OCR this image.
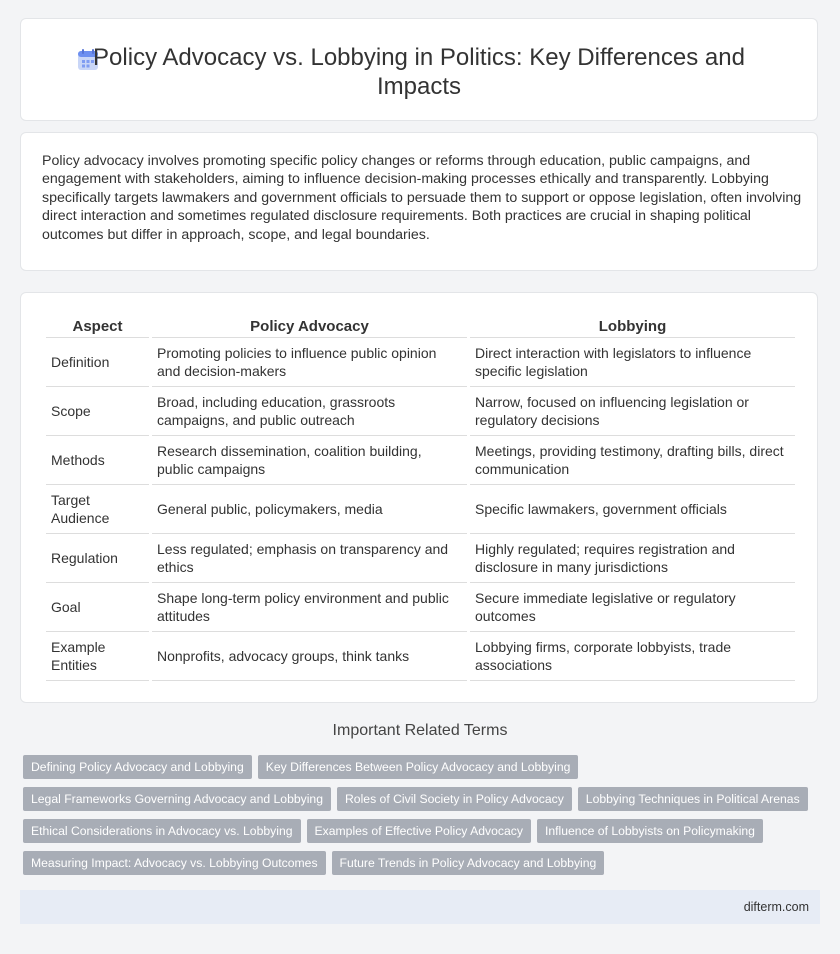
Policy Advocacy vs. Lobbying in Politics: Key Differences and Impacts

Policy advocacy involves promoting specific policy changes or reforms through education, public campaigns, and engagement with stakeholders, aiming to influence decision-making processes ethically and transparently. Lobbying specifically targets lawmakers and government officials to persuade them to support or oppose legislation, often involving direct interaction and sometimes regulated disclosure requirements. Both practices are crucial in shaping political outcomes but differ in approach, scope, and legal boundaries.

Aspect	Policy Advocacy	Lobbying
Definition	Promoting policies to influence public opinion and decision-makers	Direct interaction with legislators to influence specific legislation
Scope	Broad, including education, grassroots campaigns, and public outreach	Narrow, focused on influencing legislation or regulatory decisions
Methods	Research dissemination, coalition building, public campaigns	Meetings, providing testimony, drafting bills, direct communication
Target Audience	General public, policymakers, media	Specific lawmakers, government officials
Regulation	Less regulated; emphasis on transparency and ethics	Highly regulated; requires registration and disclosure in many jurisdictions
Goal	Shape long-term policy environment and public attitudes	Secure immediate legislative or regulatory outcomes
Example Entities	Nonprofits, advocacy groups, think tanks	Lobbying firms, corporate lobbyists, trade associations
Important Related Terms
Defining Policy Advocacy and Lobbying Key Differences Between Policy Advocacy and Lobbying
Legal Frameworks Governing Advocacy and Lobbying Roles of Civil Society in Policy Advocacy Lobbying Techniques in Political Arenas
Ethical Considerations in Advocacy vs. Lobbying Examples of Effective Policy Advocacy Influence of Lobbyists on Policymaking
Measuring Impact: Advocacy vs. Lobbying Outcomes Future Trends in Policy Advocacy and Lobbying
difterm.com
